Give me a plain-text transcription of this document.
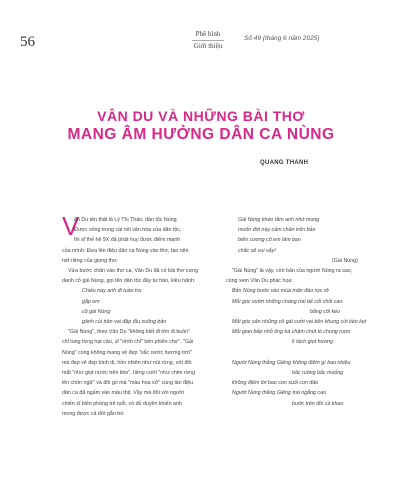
56	Phê bình
Giới thiệu
Số 49 (tháng 6 năm 2025)
VÂN DU VÀ NHỮNG BÀI THƠ
MANG ÂM HƯỞNG DÂN CA NÙNG
QUANG THANH
V
ân Du tên thật là Lý Thị Thảo, dân tộc Nùng.
Được sống trong cái nôi văn hóa của dân tộc,
thi sĩ thế hệ 9X đã phát huy được điểm mạnh
của mình: Đưa lên điệu dân ca Nùng vào thơ, tạo nên
nét riêng của giọng thơ.
Vừa bước chân vào thơ ca, Vân Du đã có bài thơ xưng
danh cô gái Nùng, gọi tên dân tộc đầy tự hào, kiêu hãnh:
Chiều nay anh đi tuần tra
gặp em
cô gái Nùng
gánh củi trên vai đập đìu xuống bản
"Gái Nùng", theo Vân Du "không biết đi tớn đi buồn"
chỉ tung từng hạt câu, sĩ "nhởi chỉ" bên phiên chợ". "Gái
Nùng" cùng không mang vẻ đẹp "sắc nước hương trời"
mà đẹp vẻ đẹp bình dị, hồn nhiên như núi rừng, với đôi
mắt "như giọt nước trên khe", tiếng cười "như chim rừng
lên chồn ngữ" và đôi gò má "màu hoa sở" cùng làn điệu
dân ca đã ngấm vào máu thịt. Vậy mà đôi với người
chiến sĩ biên phòng trẻ tuổi, có đủ duyên khiến anh
mong được cả đời gắn bó:
Gái Nùng khéo tăm anh nhớ mong
muốn đời này cầm chân trên bản
biên cương cô em làm bạn
chắc sẽ vui vẩy!
(Gái Nùng)
"Gái Nùng" là vậy, còn bản của người Nùng ra sao,
cùng xem Vân Du phác họa:
Bản Nùng bước vào mùa mận đào rực rỡ
Mỗi góc vườn những chàng trai bế cối chối cao
bằng cối kéo
Mỗi góc sân những cô gái cười vai bên khung cửi kéo kẹt
Mỗi gian bếp nhỏ ông bà chậm chút lò chung rượu
lì tách giọt hương

Người Nùng thắng Giêng không điếm gì bao nhiêu
bấc ruồng bắc muống
không điếm lời bao con suối con đào
Người Nùng thắng Giêng trai ngẳng cao
bước trên đồi cà khao
